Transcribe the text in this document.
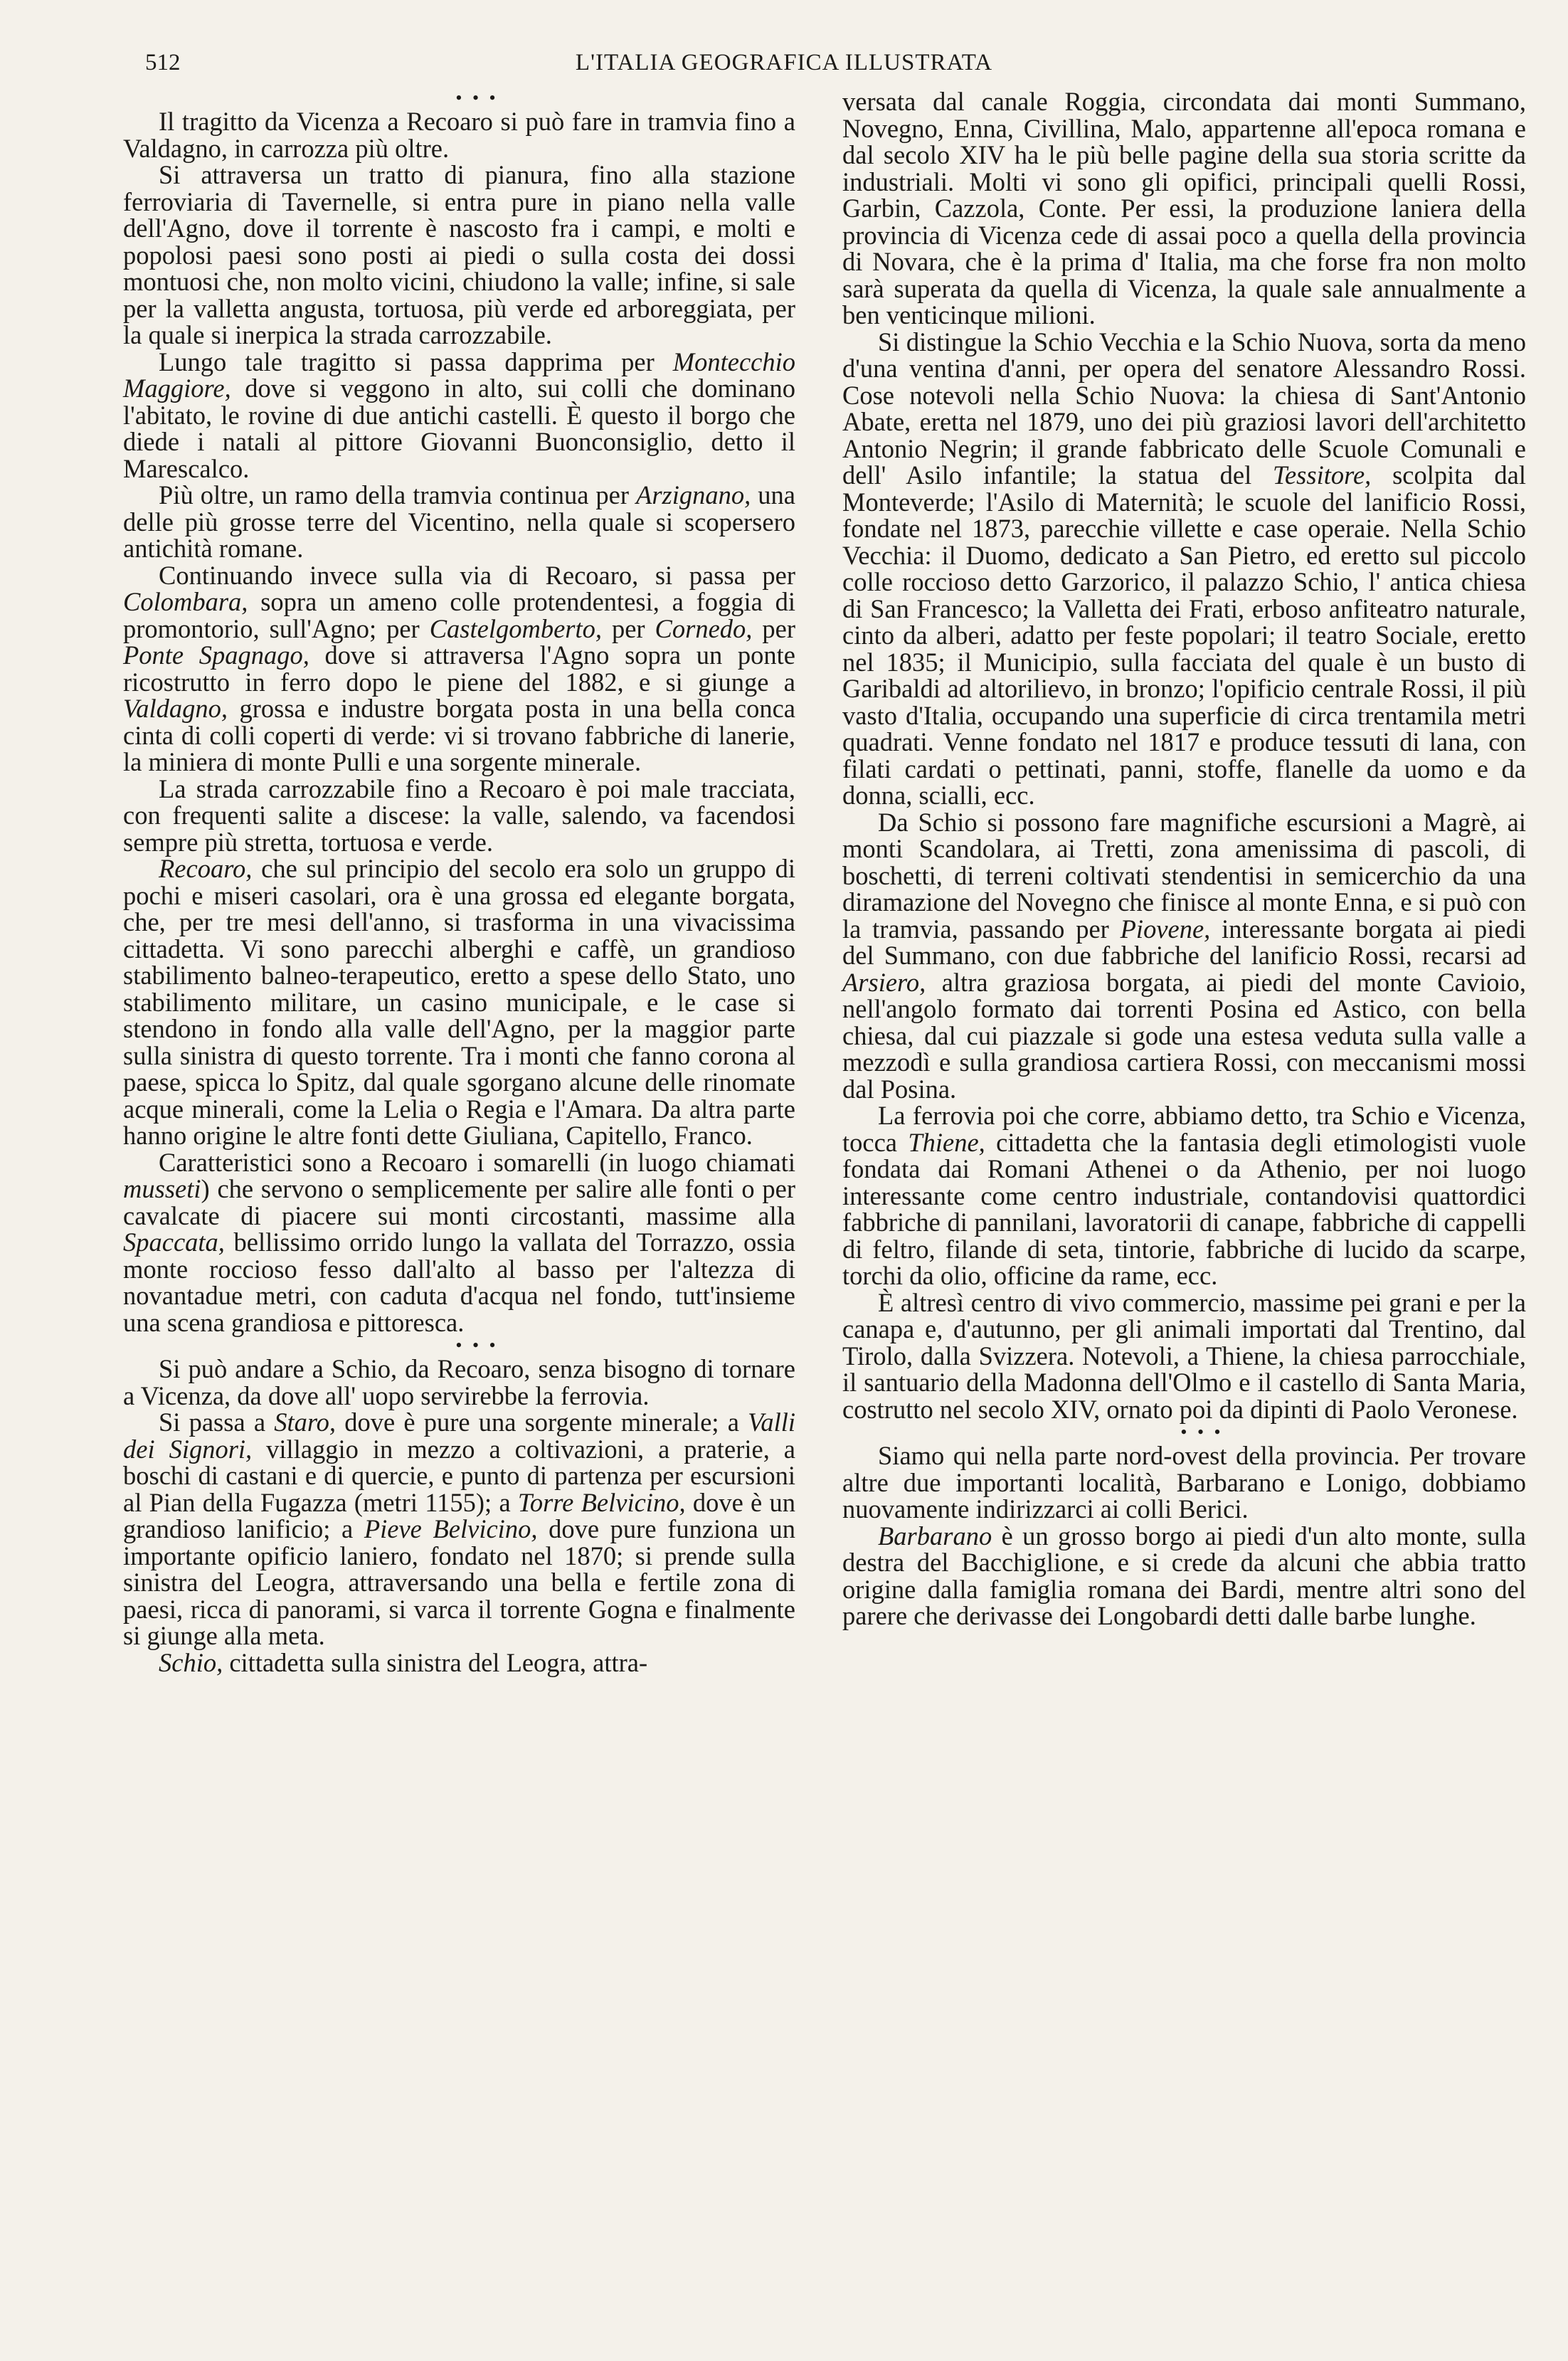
512	L'ITALIA GEOGRAFICA ILLUSTRATA

• • •

Il tragitto da Vicenza a Recoaro si può fare in tramvia fino a Valdagno, in carrozza più oltre.

Si attraversa un tratto di pianura, fino alla stazione ferroviaria di Tavernelle, si entra pure in piano nella valle dell'Agno, dove il torrente è nascosto fra i campi, e molti e popolosi paesi sono posti ai piedi o sulla costa dei dossi montuosi che, non molto vicini, chiudono la valle; infine, si sale per la valletta angusta, tortuosa, più verde ed arboreggiata, per la quale si inerpica la strada carrozzabile.

Lungo tale tragitto si passa dapprima per Montecchio Maggiore, dove si veggono in alto, sui colli che dominano l'abitato, le rovine di due antichi castelli. È questo il borgo che diede i natali al pittore Giovanni Buonconsiglio, detto il Marescalco.

Più oltre, un ramo della tramvia continua per Arzignano, una delle più grosse terre del Vicentino, nella quale si scopersero antichità romane.

Continuando invece sulla via di Recoaro, si passa per Colombara, sopra un ameno colle protendentesi, a foggia di promontorio, sull'Agno; per Castelgomberto, per Cornedo, per Ponte Spagnago, dove si attraversa l'Agno sopra un ponte ricostrutto in ferro dopo le piene del 1882, e si giunge a Valdagno, grossa e industre borgata posta in una bella conca cinta di colli coperti di verde: vi si trovano fabbriche di lanerie, la miniera di monte Pulli e una sorgente minerale.

La strada carrozzabile fino a Recoaro è poi male tracciata, con frequenti salite a discese: la valle, salendo, va facendosi sempre più stretta, tortuosa e verde.

Recoaro, che sul principio del secolo era solo un gruppo di pochi e miseri casolari, ora è una grossa ed elegante borgata, che, per tre mesi dell'anno, si trasforma in una vivacissima cittadetta. Vi sono parecchi alberghi e caffè, un grandioso stabilimento balneo-terapeutico, eretto a spese dello Stato, uno stabilimento militare, un casino municipale, e le case si stendono in fondo alla valle dell'Agno, per la maggior parte sulla sinistra di questo torrente. Tra i monti che fanno corona al paese, spicca lo Spitz, dal quale sgorgano alcune delle rinomate acque minerali, come la Lelia o Regia e l'Amara. Da altra parte hanno origine le altre fonti dette Giuliana, Capitello, Franco.

Caratteristici sono a Recoaro i somarelli (in luogo chiamati musseti) che servono o semplicemente per salire alle fonti o per cavalcate di piacere sui monti circostanti, massime alla Spaccata, bellissimo orrido lungo la vallata del Torrazzo, ossia monte roccioso fesso dall'alto al basso per l'altezza di novantadue metri, con caduta d'acqua nel fondo, tutt'insieme una scena grandiosa e pittoresca.

• • •

Si può andare a Schio, da Recoaro, senza bisogno di tornare a Vicenza, da dove all' uopo servirebbe la ferrovia.

Si passa a Staro, dove è pure una sorgente minerale; a Valli dei Signori, villaggio in mezzo a coltivazioni, a praterie, a boschi di castani e di quercie, e punto di partenza per escursioni al Pian della Fugazza (metri 1155); a Torre Belvicino, dove è un grandioso lanificio; a Pieve Belvicino, dove pure funziona un importante opificio laniero, fondato nel 1870; si prende sulla sinistra del Leogra, attraversando una bella e fertile zona di paesi, ricca di panorami, si varca il torrente Gogna e finalmente si giunge alla meta.

Schio, cittadetta sulla sinistra del Leogra, attra-

versata dal canale Roggia, circondata dai monti Summano, Novegno, Enna, Civillina, Malo, appartenne all'epoca romana e dal secolo XIV ha le più belle pagine della sua storia scritte da industriali. Molti vi sono gli opifici, principali quelli Rossi, Garbin, Cazzola, Conte. Per essi, la produzione laniera della provincia di Vicenza cede di assai poco a quella della provincia di Novara, che è la prima d' Italia, ma che forse fra non molto sarà superata da quella di Vicenza, la quale sale annualmente a ben venticinque milioni.

Si distingue la Schio Vecchia e la Schio Nuova, sorta da meno d'una ventina d'anni, per opera del senatore Alessandro Rossi. Cose notevoli nella Schio Nuova: la chiesa di Sant'Antonio Abate, eretta nel 1879, uno dei più graziosi lavori dell'architetto Antonio Negrin; il grande fabbricato delle Scuole Comunali e dell' Asilo infantile; la statua del Tessitore, scolpita dal Monteverde; l'Asilo di Maternità; le scuole del lanificio Rossi, fondate nel 1873, parecchie villette e case operaie. Nella Schio Vecchia: il Duomo, dedicato a San Pietro, ed eretto sul piccolo colle roccioso detto Garzorico, il palazzo Schio, l' antica chiesa di San Francesco; la Valletta dei Frati, erboso anfiteatro naturale, cinto da alberi, adatto per feste popolari; il teatro Sociale, eretto nel 1835; il Municipio, sulla facciata del quale è un busto di Garibaldi ad altorilievo, in bronzo; l'opificio centrale Rossi, il più vasto d'Italia, occupando una superficie di circa trentamila metri quadrati. Venne fondato nel 1817 e produce tessuti di lana, con filati cardati o pettinati, panni, stoffe, flanelle da uomo e da donna, scialli, ecc.

Da Schio si possono fare magnifiche escursioni a Magrè, ai monti Scandolara, ai Tretti, zona amenissima di pascoli, di boschetti, di terreni coltivati stendentisi in semicerchio da una diramazione del Novegno che finisce al monte Enna, e si può con la tramvia, passando per Piovene, interessante borgata ai piedi del Summano, con due fabbriche del lanificio Rossi, recarsi ad Arsiero, altra graziosa borgata, ai piedi del monte Cavioio, nell'angolo formato dai torrenti Posina ed Astico, con bella chiesa, dal cui piazzale si gode una estesa veduta sulla valle a mezzodì e sulla grandiosa cartiera Rossi, con meccanismi mossi dal Posina.

La ferrovia poi che corre, abbiamo detto, tra Schio e Vicenza, tocca Thiene, cittadetta che la fantasia degli etimologisti vuole fondata dai Romani Athenei o da Athenio, per noi luogo interessante come centro industriale, contandovisi quattordici fabbriche di pannilani, lavoratorii di canape, fabbriche di cappelli di feltro, filande di seta, tintorie, fabbriche di lucido da scarpe, torchi da olio, officine da rame, ecc.

È altresì centro di vivo commercio, massime pei grani e per la canapa e, d'autunno, per gli animali importati dal Trentino, dal Tirolo, dalla Svizzera. Notevoli, a Thiene, la chiesa parrocchiale, il santuario della Madonna dell'Olmo e il castello di Santa Maria, costrutto nel secolo XIV, ornato poi da dipinti di Paolo Veronese.

• • •

Siamo qui nella parte nord-ovest della provincia. Per trovare altre due importanti località, Barbarano e Lonigo, dobbiamo nuovamente indirizzarci ai colli Berici.

Barbarano è un grosso borgo ai piedi d'un alto monte, sulla destra del Bacchiglione, e si crede da alcuni che abbia tratto origine dalla famiglia romana dei Bardi, mentre altri sono del parere che derivasse dei Longobardi detti dalle barbe lunghe.
